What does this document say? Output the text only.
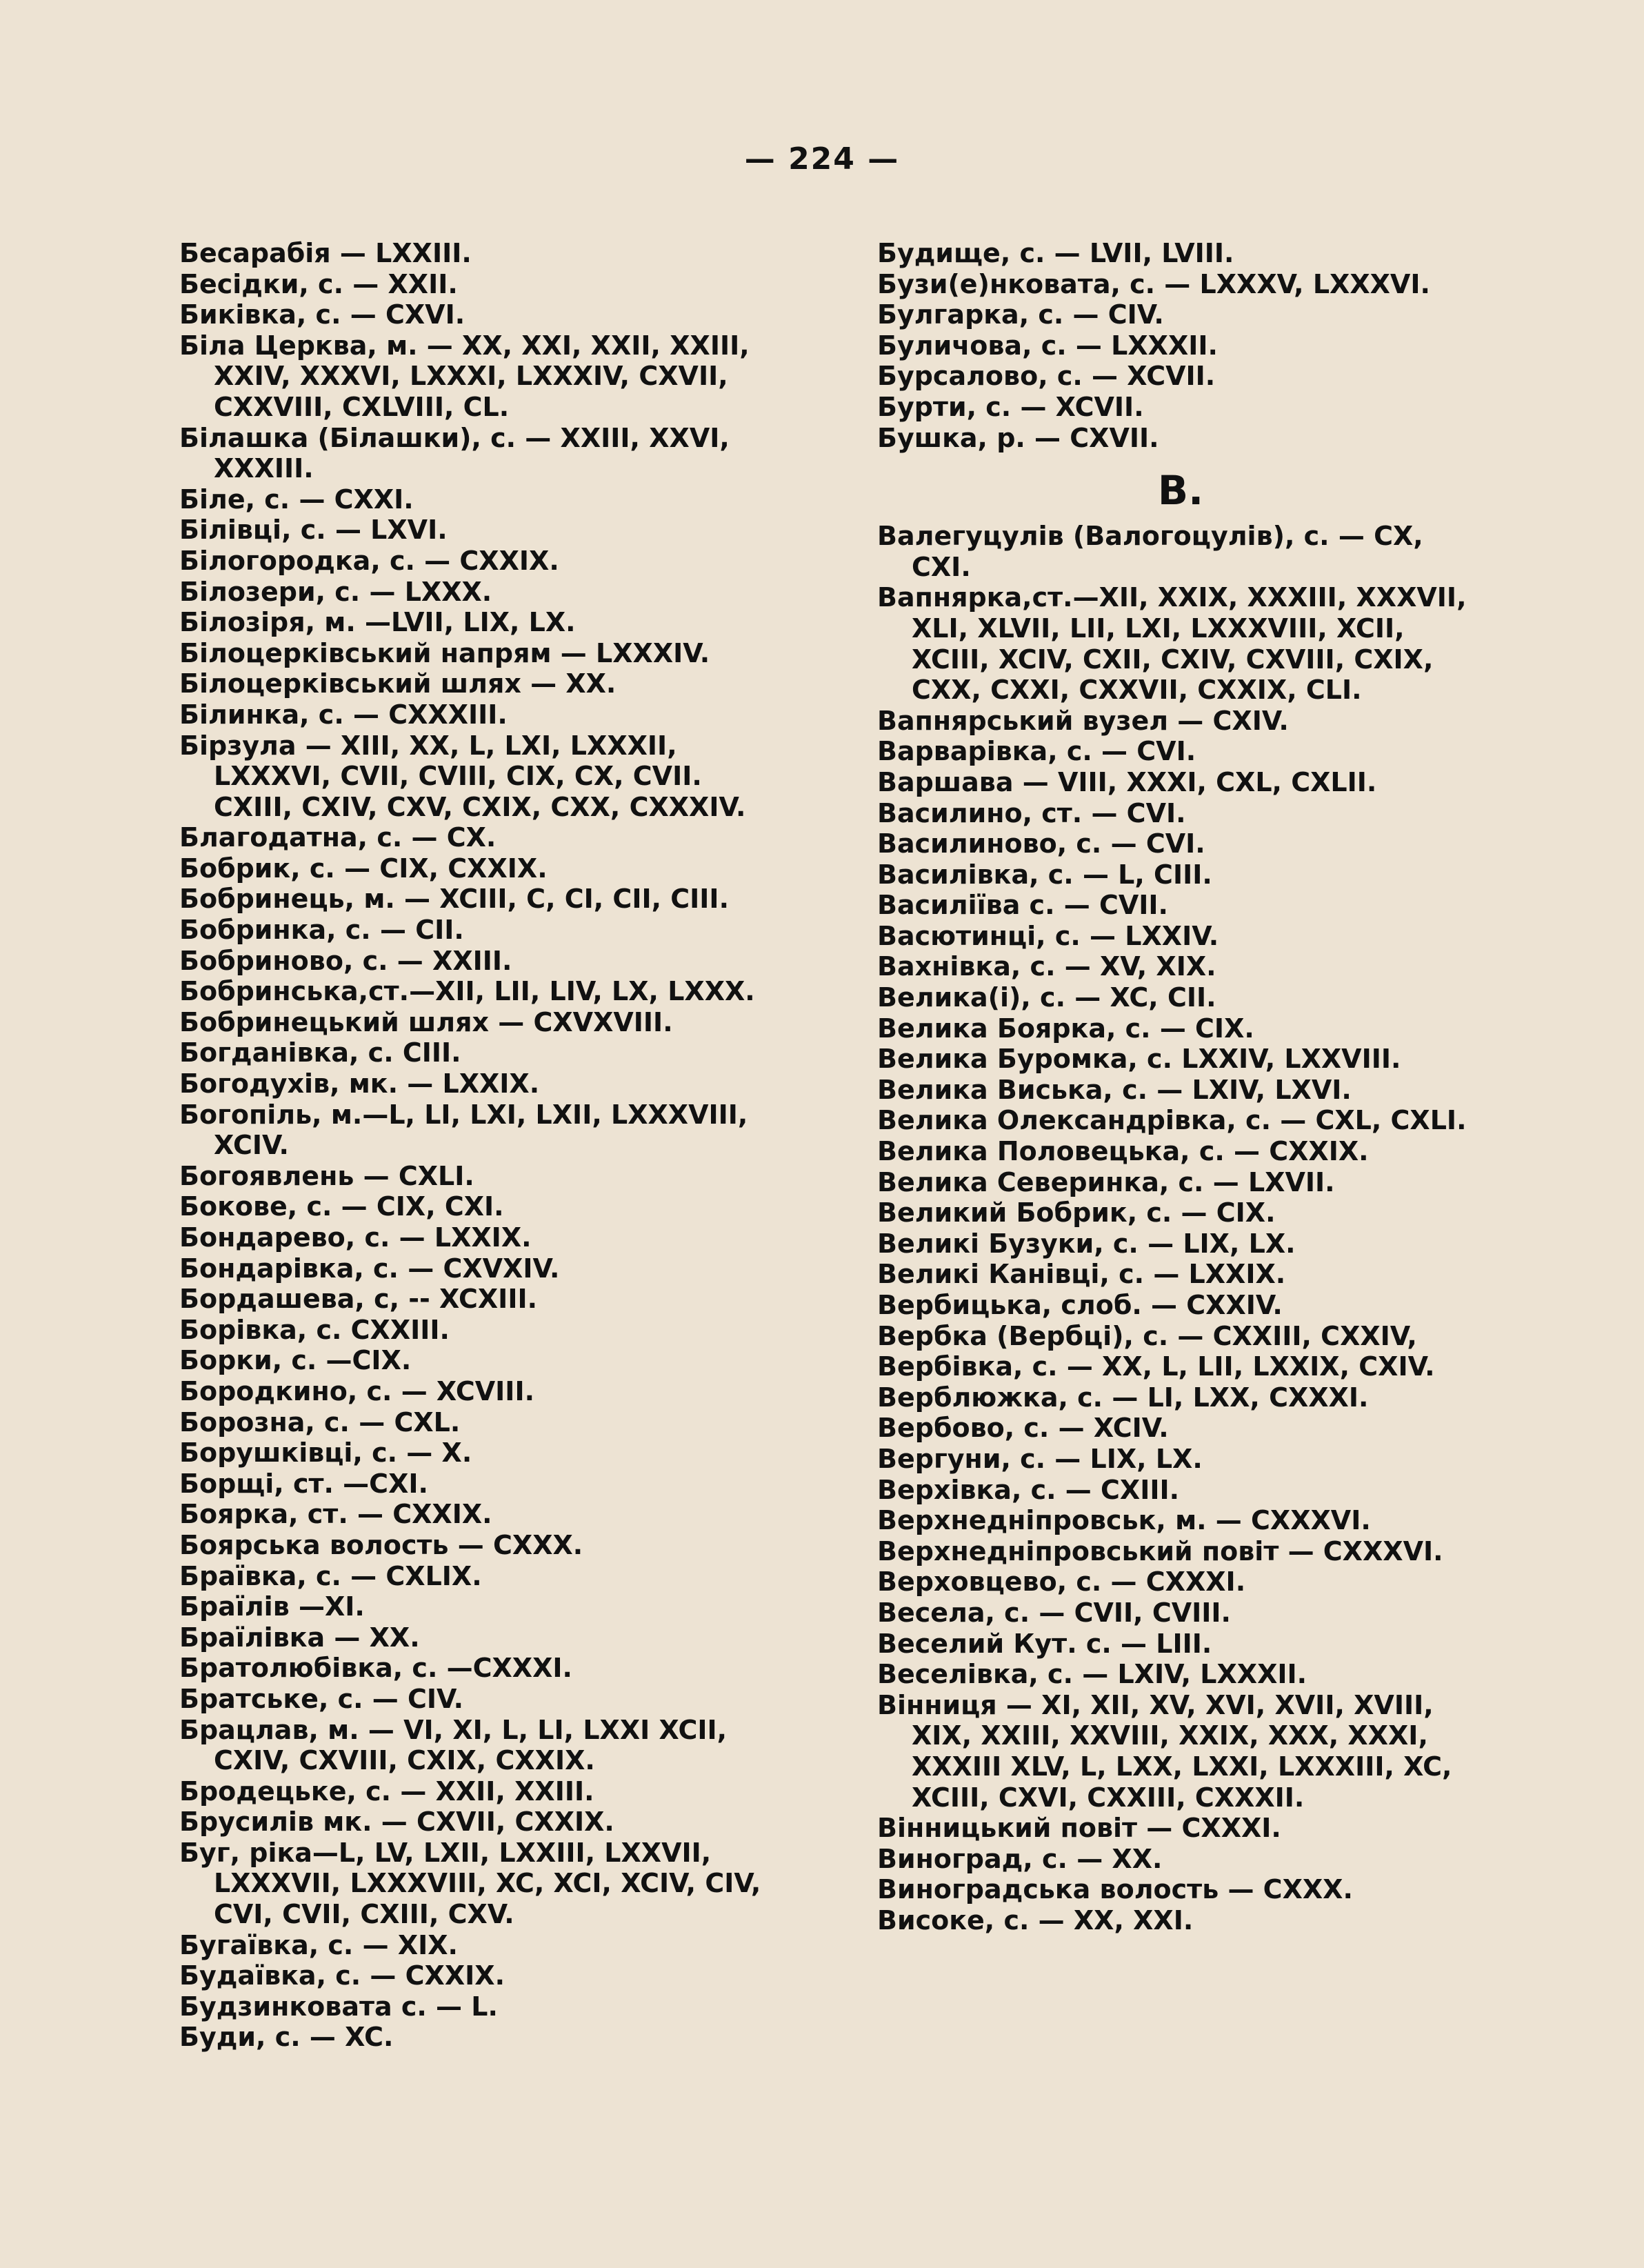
— 224 —
Бесарабія — LXXIII.
Бесідки, с. — XXII.
Биківка, с. — CXVI.
Біла Церква, м. — XX, XXI, XXII, XXIII, XXIV, XXXVI, LXXXI, LXXXIV, CXVII, CXXVIII, CXLVIII, CL.
Білашка (Білашки), с. — XXIII, XXVI, XXXIII.
Біле, с. — CXXI.
Білівці, с. — LXVI.
Білогородка, с. — CXXIX.
Білозери, с. — LXXX.
Білозіря, м. —LVII, LIX, LX.
Білоцерківський напрям — LXXXIV.
Білоцерківський шлях — XX.
Білинка, с. — CXXXIII.
Бірзула — XIII, XX, L, LXI, LXXXII, LXXXVI, CVII, CVIII, CIX, CX, CVII. CXIII, CXIV, CXV, CXIX, CXX, CXXXIV.
Благодатна, с. — CX.
Бобрик, с. — CIX, CXXIX.
Бобринець, м. — XCIII, C, CI, CII, CIII.
Бобринка, с. — CII.
Бобриново, с. — XXIII.
Бобринська,ст.—XII, LII, LIV, LX, LXXX.
Бобринецький шлях — CXVXVIII.
Богданівка, с. CIII.
Богодухів, мк. — LXXIX.
Богопіль, м.—L, LI, LXI, LXII, LXXXVIII, XCIV.
Богоявлень — CXLI.
Бокове, с. — CIX, CXI.
Бондарево, с. — LXXIX.
Бондарівка, с. — CXVXIV.
Бордашева, с, -- XCXIII.
Борівка, с. CXXIII.
Борки, с. —CIX.
Бородкино, с. — XCVIII.
Борозна, с. — CXL.
Борушківці, с. — X.
Борщі, ст. —CXI.
Боярка, ст. — CXXIX.
Боярська волость — CXXX.
Браївка, с. — CXLIX.
Браїлів —XI.
Браїлівка — XX.
Братолюбівка, с. —CXXXI.
Братське, с. — CIV.
Брацлав, м. — VI, XI, L, LI, LXXI XCII, CXIV, CXVIII, CXIX, CXXIX.
Бродецьке, с. — XXII, XXIII.
Брусилів мк. — CXVII, CXXIX.
Буг, ріка—L, LV, LXII, LXXIII, LXXVII, LXXXVII, LXXXVIII, XC, XCI, XCIV, CIV, CVI, CVII, CXIII, CXV.
Бугаївка, с. — XIX.
Будаївка, с. — CXXIX.
Будзинковата с. — L.
Буди, с. — XC.
Будище, с. — LVII, LVIII.
Бузи(е)нковата, с. — LXXXV, LXXXVI.
Булгарка, с. — CIV.
Буличова, с. — LXXXII.
Бурсалово, с. — XCVII.
Бурти, с. — XCVII.
Бушка, р. — CXVII.
В.
Валегуцулів (Валогоцулів), с. — CX, CXI.
Вапнярка,ст.—XII, XXIX, XXXIII, XXXVII, XLI, XLVII, LII, LXI, LXXXVIII, XCII, XCIII, XCIV, CXII, CXIV, CXVIII, CXIX, CXX, CXXI, CXXVII, CXXIX, CLI.
Вапнярський вузел — CXIV.
Варварівка, с. — CVI.
Варшава — VIII, XXXI, CXL, CXLII.
Василино, ст. — CVI.
Василиново, с. — CVI.
Василівка, с. — L, CIII.
Василіїва с. — CVII.
Васютинці, с. — LXXIV.
Вахнівка, с. — XV, XIX.
Велика(і), с. — XC, CII.
Велика Боярка, с. — CIX.
Велика Буромка, с. LXXIV, LXXVIII.
Велика Виська, с. — LXIV, LXVI.
Велика Олександрівка, с. — CXL, CXLI.
Велика Половецька, с. — CXXIX.
Велика Северинка, с. — LXVII.
Великий Бобрик, с. — CIX.
Великі Бузуки, с. — LIX, LX.
Великі Канівці, с. — LXXIX.
Вербицька, слоб. — CXXIV.
Вербка (Вербці), с. — CXXIII, CXXIV,
Вербівка, с. — XX, L, LII, LXXIX, CXIV.
Верблюжка, с. — LI, LXX, CXXXI.
Вербово, с. — XCIV.
Вергуни, с. — LIX, LX.
Верхівка, с. — CXIII.
Верхнедніпровськ, м. — CXXXVI.
Верхнедніпровський повіт — CXXXVI.
Верховцево, с. — CXXXI.
Весела, с. — CVII, CVIII.
Веселий Кут. с. — LIII.
Веселівка, с. — LXIV, LXXXII.
Вінниця — XI, XII, XV, XVI, XVII, XVIII, XIX, XXIII, XXVIII, XXIX, XXX, XXXI, XXXIII XLV, L, LXX, LXXI, LXXXIII, XC, XCIII, CXVI, CXXIII, CXXXII.
Вінницький повіт — CXXXI.
Виноград, с. — XX.
Виноградська волость — CXXX.
Високе, с. — XX, XXI.
